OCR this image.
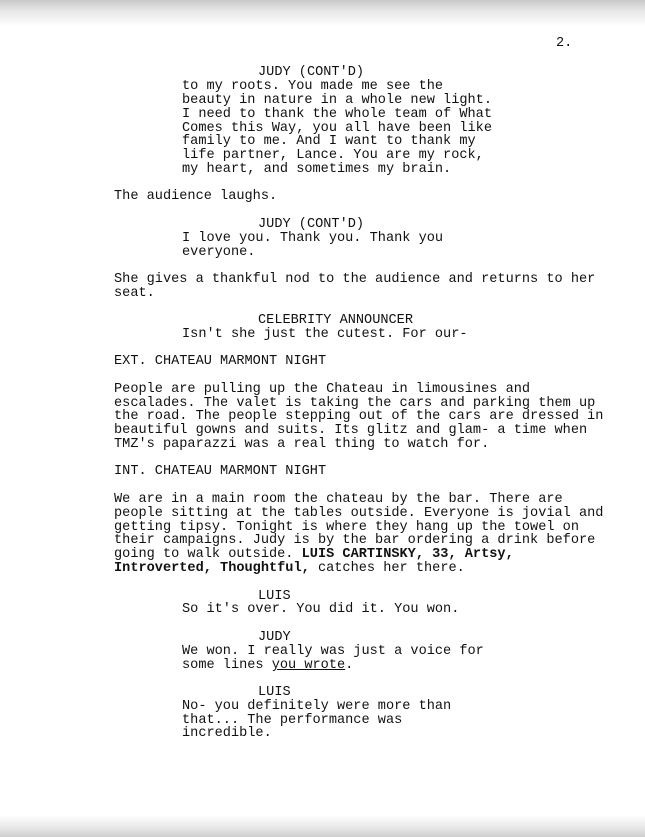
2.
JUDY (CONT'D)
to my roots. You made me see the
beauty in nature in a whole new light.
I need to thank the whole team of What
Comes this Way, you all have been like
family to me. And I want to thank my
life partner, Lance. You are my rock,
my heart, and sometimes my brain.
The audience laughs.
JUDY (CONT'D)
I love you. Thank you. Thank you
everyone.
She gives a thankful nod to the audience and returns to her
seat.
CELEBRITY ANNOUNCER
Isn't she just the cutest. For our-
EXT. CHATEAU MARMONT NIGHT
People are pulling up the Chateau in limousines and
escalades. The valet is taking the cars and parking them up
the road. The people stepping out of the cars are dressed in
beautiful gowns and suits. Its glitz and glam- a time when
TMZ's paparazzi was a real thing to watch for.
INT. CHATEAU MARMONT NIGHT
We are in a main room the chateau by the bar. There are
people sitting at the tables outside. Everyone is jovial and
getting tipsy. Tonight is where they hang up the towel on
their campaigns. Judy is by the bar ordering a drink before
going to walk outside. LUIS CARTINSKY, 33, Artsy,
Introverted, Thoughtful, catches her there.
LUIS
So it's over. You did it. You won.
JUDY
We won. I really was just a voice for
some lines you wrote.
LUIS
No- you definitely were more than
that... The performance was
incredible.
